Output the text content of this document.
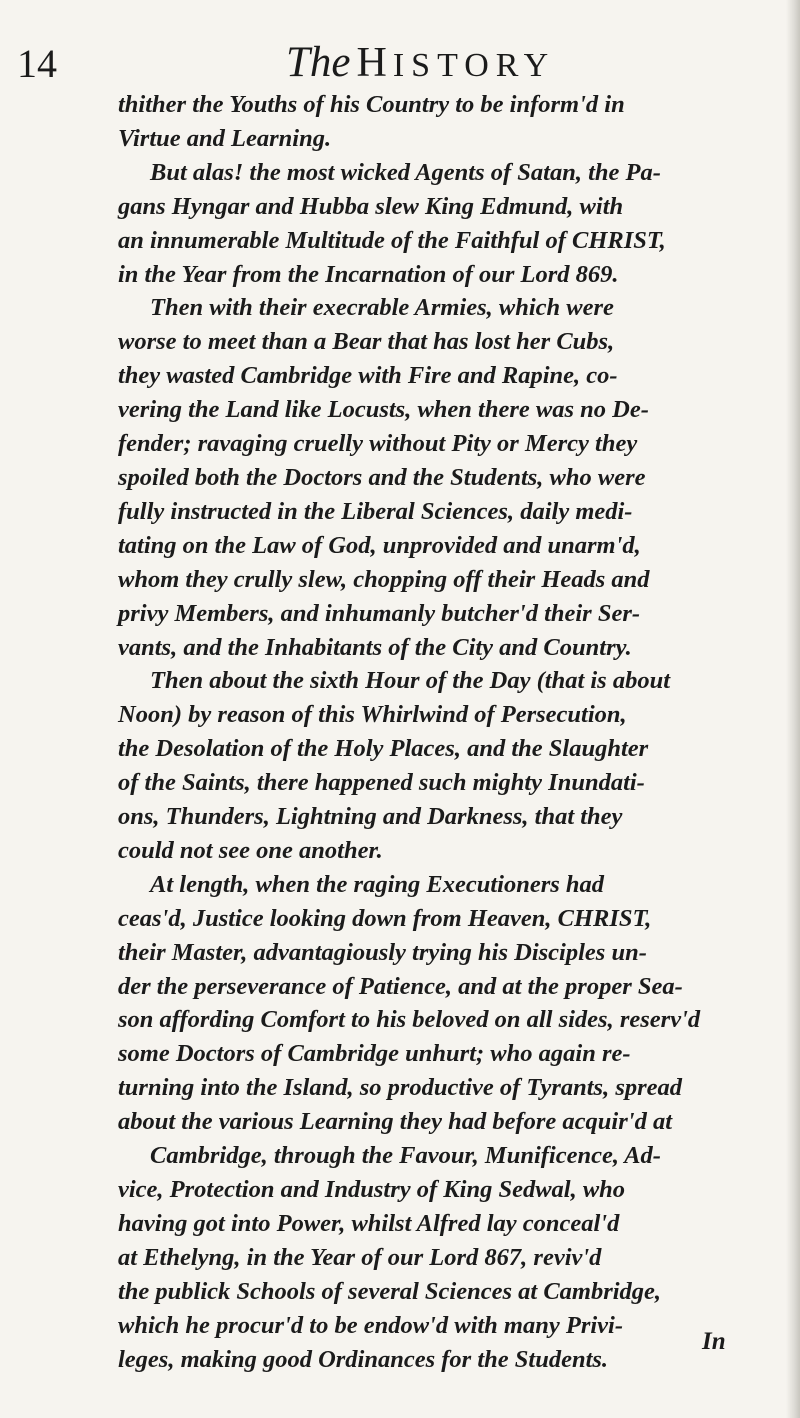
14	The HISTORY
thither the Youths of his Country to be inform'd in
Virtue and Learning.
But alas! the most wicked Agents of Satan, the Pa-
gans Hyngar and Hubba slew King Edmund, with
an innumerable Multitude of the Faithful of CHRIST,
in the Year from the Incarnation of our Lord 869.
Then with their execrable Armies, which were
worse to meet than a Bear that has lost her Cubs,
they wasted Cambridge with Fire and Rapine, co-
vering the Land like Locusts, when there was no De-
fender; ravaging cruelly without Pity or Mercy they
spoiled both the Doctors and the Students, who were
fully instructed in the Liberal Sciences, daily medi-
tating on the Law of God, unprovided and unarm'd,
whom they crully slew, chopping off their Heads and
privy Members, and inhumanly butcher'd their Ser-
vants, and the Inhabitants of the City and Country.
Then about the sixth Hour of the Day (that is about
Noon) by reason of this Whirlwind of Persecution,
the Desolation of the Holy Places, and the Slaughter
of the Saints, there happened such mighty Inundati-
ons, Thunders, Lightning and Darkness, that they
could not see one another.
At length, when the raging Executioners had
ceas'd, Justice looking down from Heaven, CHRIST,
their Master, advantagiously trying his Disciples un-
der the perseverance of Patience, and at the proper Sea-
son affording Comfort to his beloved on all sides, reserv'd
some Doctors of Cambridge unhurt; who again re-
turning into the Island, so productive of Tyrants, spread
about the various Learning they had before acquir'd at
Cambridge, through the Favour, Munificence, Ad-
vice, Protection and Industry of King Sedwal, who
having got into Power, whilst Alfred lay conceal'd
at Ethelyng, in the Year of our Lord 867, reviv'd
the publick Schools of several Sciences at Cambridge,
which he procur'd to be endow'd with many Privi-
leges, making good Ordinances for the Students.
In
